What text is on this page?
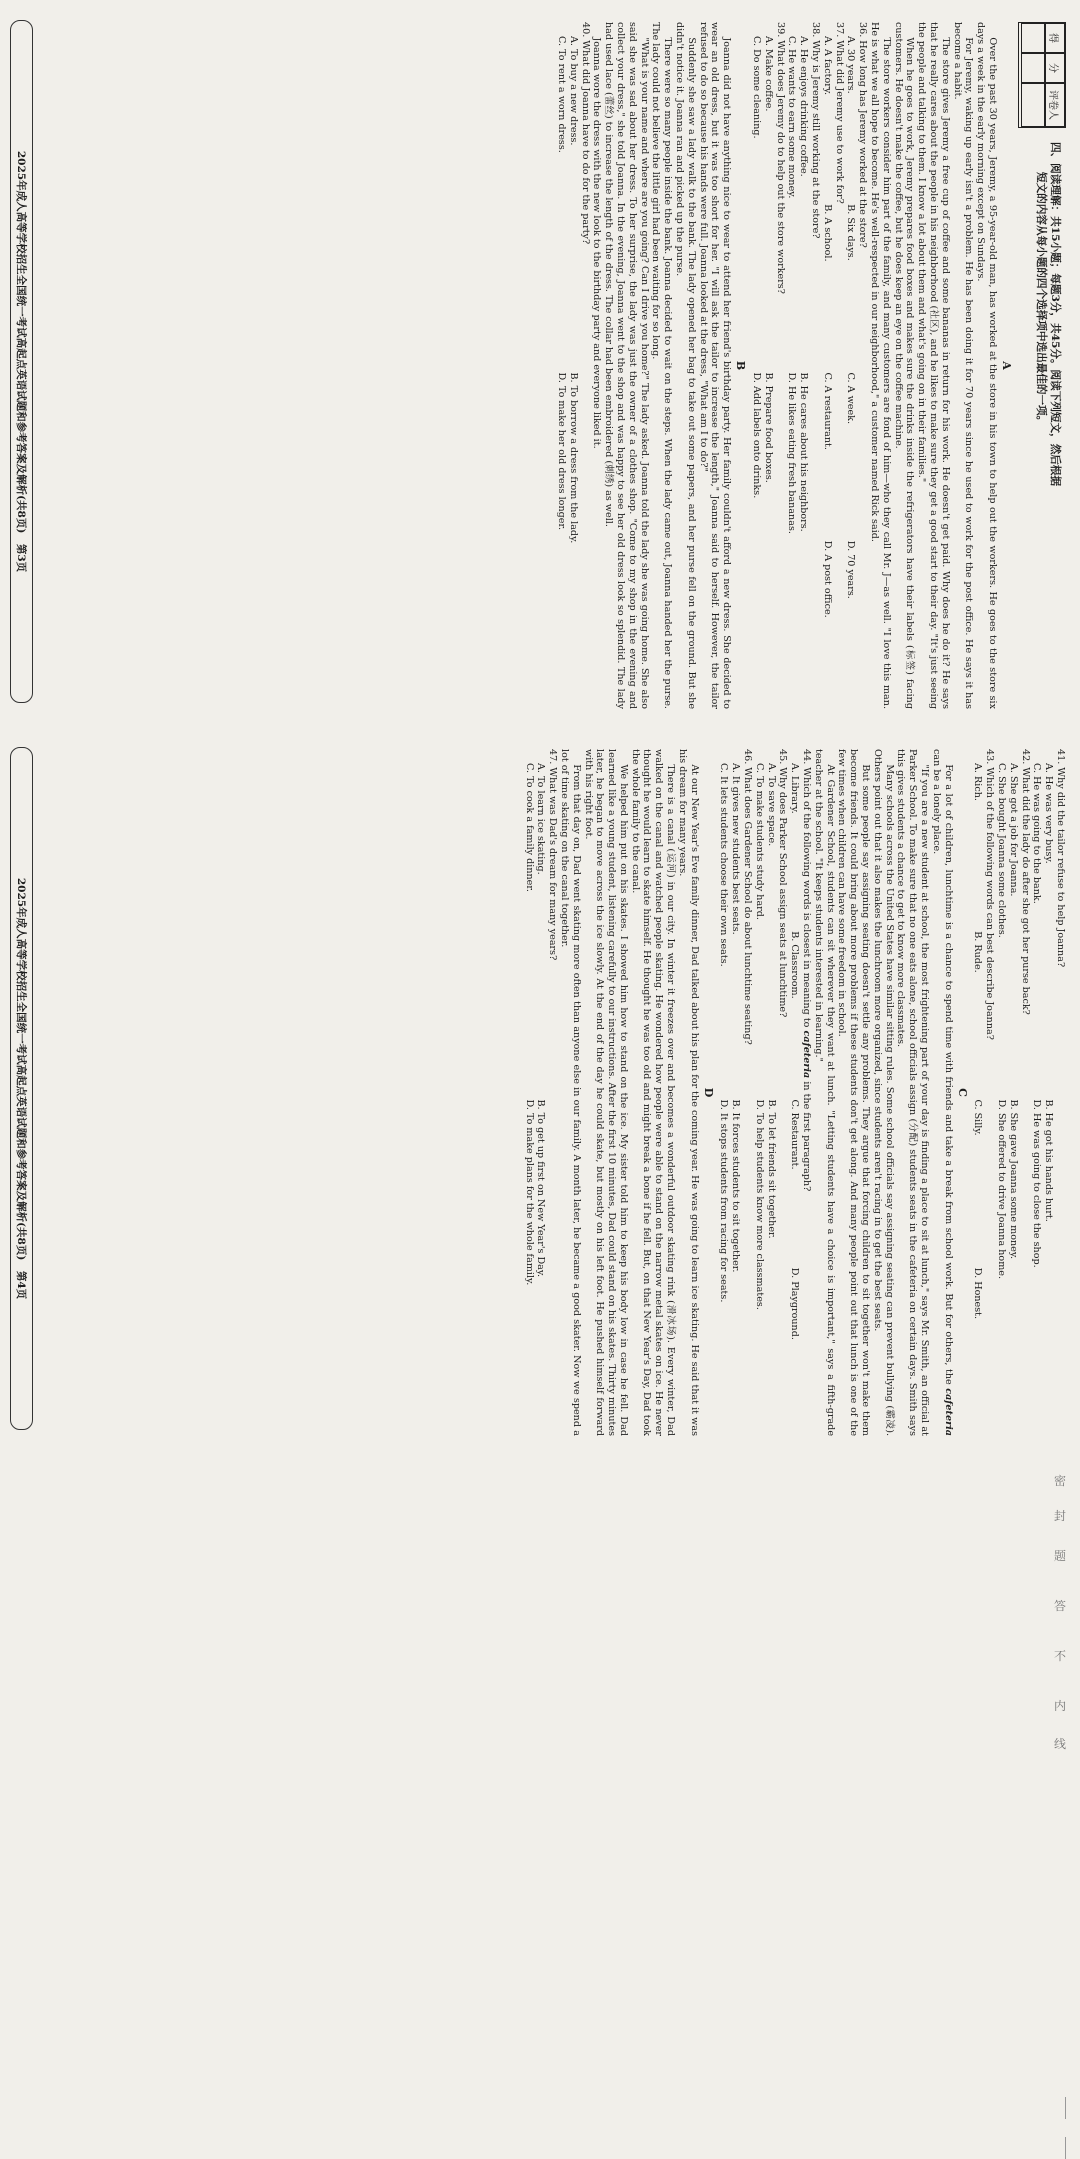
得
分
评卷人
四、阅读理解：共15小题；每题3分，共45分。阅读下列短文，然后根据
短文的内容从每小题的四个选择项中选出最佳的一项。
A

Over the past 30 years, Jeremy, a 95-year-old man, has worked at the store in his town to help out the workers. He goes to the store six days a week in the early morning except on Sundays.

For Jeremy, waking up early isn't a problem. He has been doing it for 70 years since he used to work for the post office. He says it has become a habit.

The store gives Jeremy a free cup of coffee and some bananas in return for his work. He doesn't get paid. Why does he do it? He says that he really cares about the people in his neighborhood (社区), and he likes to make sure they get a good start to their day. "It's just seeing the people and talking to them. I know a lot about them and what's going on in their families."

When he goes to work, Jeremy prepares food boxes and makes sure the drinks inside the refrigerators have their labels (标签) facing customers. He doesn't make the coffee, but he does keep an eye on the coffee machine.

The store workers consider him part of the family, and many customers are fond of him—who they call Mr. J—as well. "I love this man. He is what we all hope to become. He's well-respected in our neighborhood," a customer named Rick said.

36. How long has Jeremy worked at the store?
A. 30 years.
B. Six days.
C. A week.
D. 70 years.
37. What did Jeremy use to work for?
A. A factory.
B. A school.
C. A restaurant.
D. A post office.
38. Why is Jeremy still working at the store?
A. He enjoys drinking coffee.
B. He cares about his neighbors.
C. He wants to earn some money.
D. He likes eating fresh bananas.
39. What does Jeremy do to help out the store workers?
A. Make coffee.
B. Prepare food boxes.
C. Do some cleaning.
D. Add labels onto drinks.
B

Joanna did not have anything nice to wear to attend her friend's birthday party. Her family couldn't afford a new dress. She decided to wear an old dress, but it was too short for her. "I will ask the tailor to increase the length," Joanna said to herself. However, the tailor refused to do so because his hands were full. Joanna looked at the dress, "What am I to do?"

Suddenly she saw a lady walk to the bank. The lady opened her bag to take out some papers, and her purse fell on the ground. But she didn't notice it. Joanna ran and picked up the purse.

There were so many people inside the bank. Joanna decided to wait on the steps. When the lady came out, Joanna handed her the purse. The lady could not believe the little girl had been waiting for so long.

"What is your name and where are you going? Can I drive you home?" The lady asked. Joanna told the lady she was going home. She also said she was sad about her dress. To her surprise, the lady was just the owner of a clothes shop. "Come to my shop in the evening and collect your dress," she told Joanna. In the evening, Joanna went to the shop and was happy to see her old dress look so splendid. The lady had used lace (蕾丝) to increase the length of the dress. The collar had been embroidered (刺绣) as well.

Joanna wore the dress with the new look to the birthday party and everyone liked it.

40. What did Joanna have to do for the party?
A. To buy a new dress.
B. To borrow a dress from the lady.
C. To rent a worn dress.
D. To make her old dress longer.
2025年成人高等学校招生全国统一考试高起点英语试题和参考答案及解析(共8页)　第3页
41. Why did the tailor refuse to help Joanna?
A. He was very busy.
B. He got his hands hurt.
C. He was going to the bank.
D. He was going to close the shop.
42. What did the lady do after she got her purse back?
A. She got a job for Joanna.
B. She gave Joanna some money.
C. She bought Joanna some clothes.
D. She offered to drive Joanna home.
43. Which of the following words can best describe Joanna?
A. Rich.
B. Rude.
C. Silly.
D. Honest.
C

For a lot of children, lunchtime is a chance to spend time with friends and take a break from school work. But for others, the cafeteria can be a lonely place.

"If you are a new student at school, the most frightening part of your day is finding a place to sit at lunch," says Mr. Smith, an official at Parker School. To make sure that no one eats alone, school officials assign (分配) students seats in the cafeteria on certain days. Smith says this gives students a chance to get to know more classmates.

Many schools across the United States have similar sitting rules. Some school officials say assigning seating can prevent bullying (霸凌). Others point out that it also makes the lunchroom more organized, since students aren't racing in to get the best seats.

But some people say assigning seating doesn't settle any problems. They argue that forcing children to sit together won't make them become friends. It could bring about more problems if these students don't get along. And many people point out that lunch is one of the few times when children can have some freedom in school.

At Gardener School, students can sit wherever they want at lunch. "Letting students have a choice is important," says a fifth-grade teacher at the school. "It keeps students interested in learning."

44. Which of the following words is closest in meaning to cafeteria in the first paragraph?
A. Library.
B. Classroom.
C. Restaurant.
D. Playground.
45. Why does Parker School assign seats at lunchtime?
A. To save space.
B. To let friends sit together.
C. To make students study hard.
D. To help students know more classmates.
46. What does Gardener School do about lunchtime seating?
A. It gives new students best seats.
B. It forces students to sit together.
C. It lets students choose their own seats.
D. It stops students from racing for seats.
D

At our New Year's Eve family dinner, Dad talked about his plan for the coming year. He was going to learn ice skating. He said that it was his dream for many years.

There is a canal (运河) in our city. In winter it freezes over and becomes a wonderful outdoor skating rink (滑冰场). Every winter, Dad walked on the canal and watched people skating. He wondered how people were able to stand on the narrow metal skates on ice. He never thought he would learn to skate himself. He thought he was too old and might break a bone if he fell. But, on that New Year's Day, Dad took the whole family to the canal.

We helped him put on his skates. I showed him how to stand on the ice. My sister told him to keep his body low in case he fell. Dad learned like a young student, listening carefully to our instructions. After the first 10 minutes, Dad could stand on his skates. Thirty minutes later, he began to move across the ice slowly. At the end of the day he could skate, but mostly on his left foot. He pushed himself forward with his right foot.

From that day on, Dad went skating more often than anyone else in our family. A month later, he became a good skater. Now we spend a lot of time skating on the canal together.

47. What was Dad's dream for many years?
A. To learn ice skating.
B. To get up first on New Year's Day.
C. To cook a family dinner.
D. To make plans for the whole family.
2025年成人高等学校招生全国统一考试高起点英语试题和参考答案及解析(共8页)　第4页
线
内
不
答
题
封
密
